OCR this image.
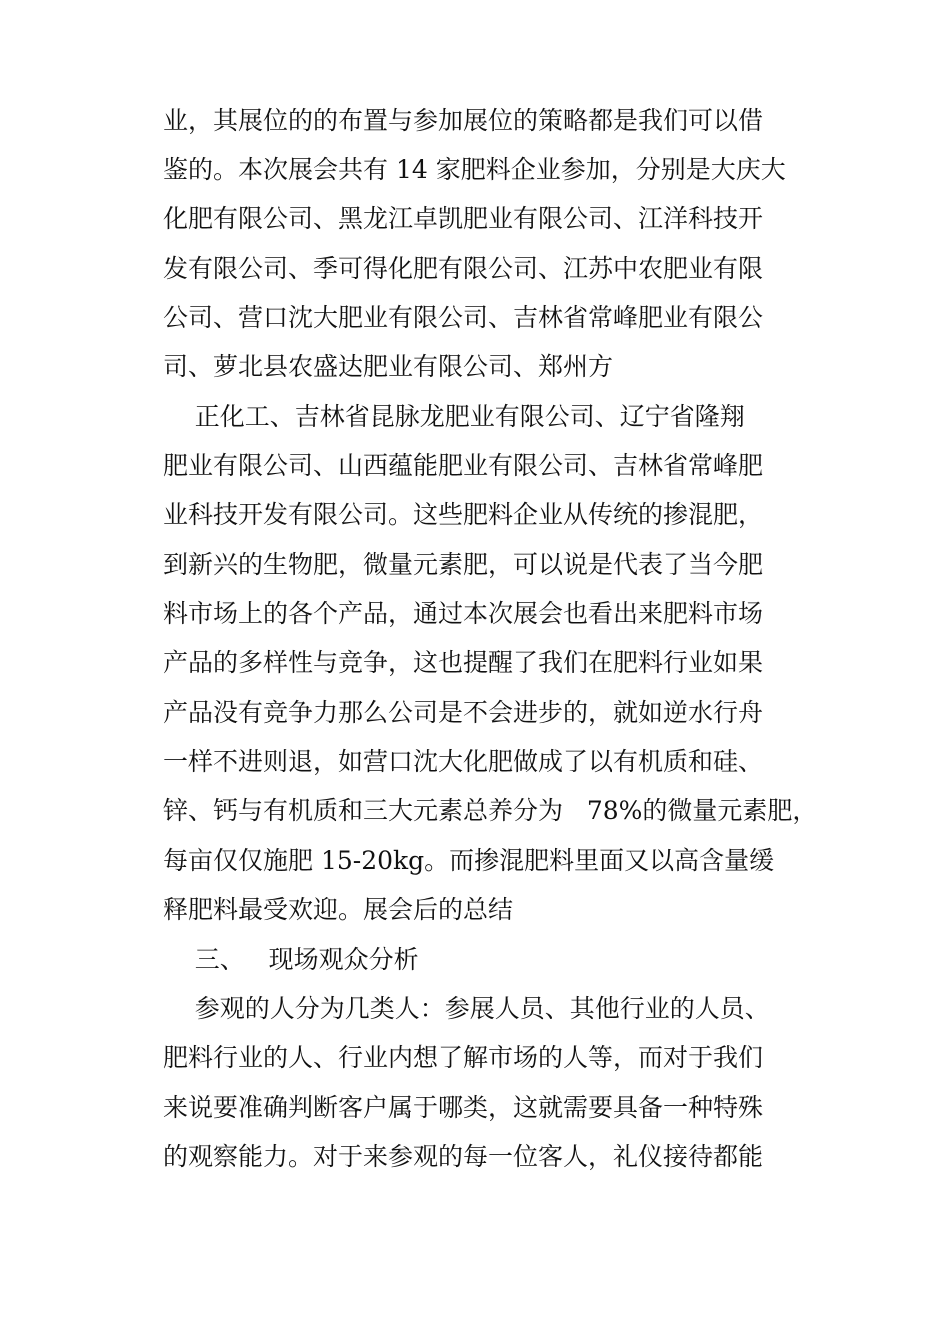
业，其展位的的布置与参加展位的策略都是我们可以借
鉴的。本次展会共有 14 家肥料企业参加，分别是大庆大
化肥有限公司、黑龙江卓凯肥业有限公司、江洋科技开
发有限公司、季可得化肥有限公司、江苏中农肥业有限
公司、营口沈大肥业有限公司、吉林省常峰肥业有限公
司、萝北县农盛达肥业有限公司、郑州方
正化工、吉林省昆脉龙肥业有限公司、辽宁省隆翔
肥业有限公司、山西蕴能肥业有限公司、吉林省常峰肥
业科技开发有限公司。这些肥料企业从传统的掺混肥，
到新兴的生物肥，微量元素肥，可以说是代表了当今肥
料市场上的各个产品，通过本次展会也看出来肥料市场
产品的多样性与竞争，这也提醒了我们在肥料行业如果
产品没有竞争力那么公司是不会进步的，就如逆水行舟
一样不进则退，如营口沈大化肥做成了以有机质和硅、
锌、钙与有机质和三大元素总养分为   78%的微量元素肥，
每亩仅仅施肥 15-20kg。而掺混肥料里面又以高含量缓
释肥料最受欢迎。展会后的总结
三、   现场观众分析
参观的人分为几类人：参展人员、其他行业的人员、
肥料行业的人、行业内想了解市场的人等，而对于我们
来说要准确判断客户属于哪类，这就需要具备一种特殊
的观察能力。对于来参观的每一位客人，礼仪接待都能
